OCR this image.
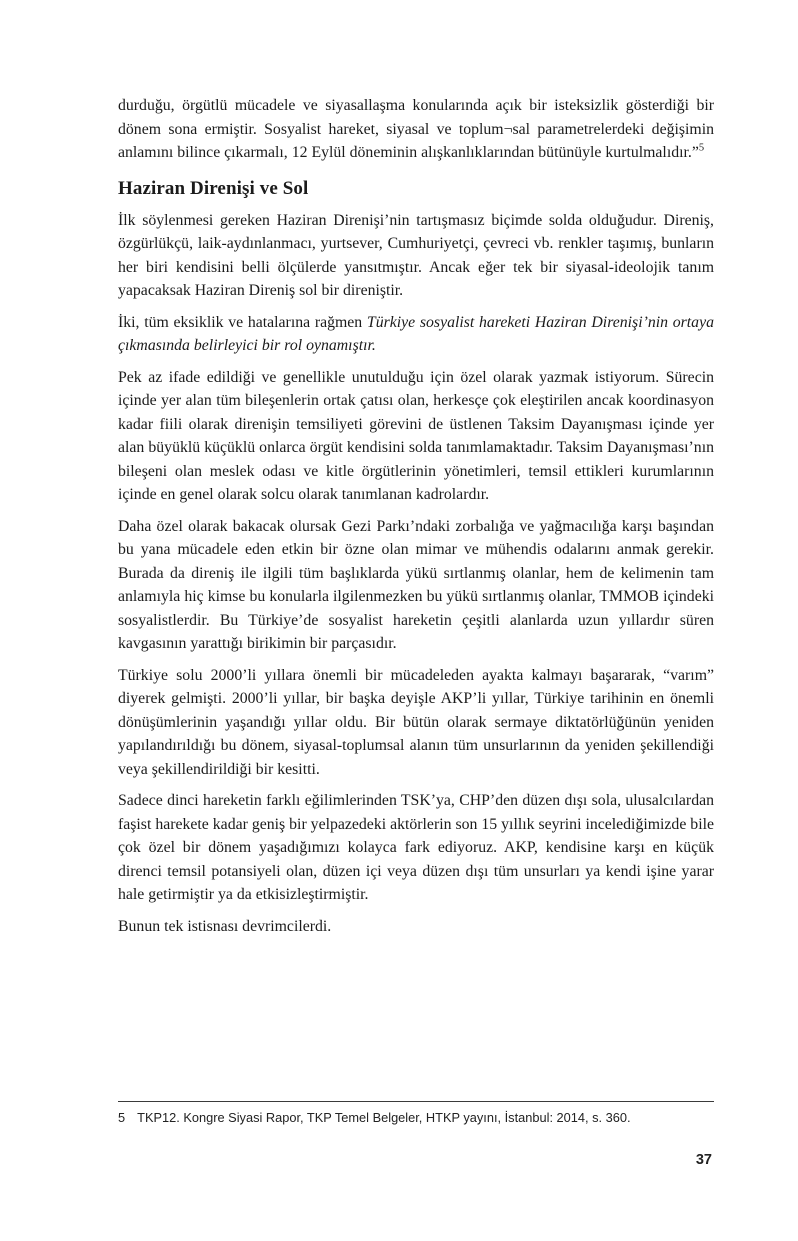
durduğu, örgütlü mücadele ve siyasallaşma konularında açık bir isteksizlik gösterdiği bir dönem sona ermiştir. Sosyalist hareket, siyasal ve toplum¬sal parametrelerdeki değişimin anlamını bilince çıkarmalı, 12 Eylül döneminin alışkanlıklarından bütünüyle kurtulmalıdır.”$^5$

Haziran Direnişi ve Sol

İlk söylenmesi gereken Haziran Direnişi’nin tartışmasız biçimde solda olduğudur. Direniş, özgürlükçü, laik-aydınlanmacı, yurtsever, Cumhuriyetçi, çevreci vb. renkler taşımış, bunların her biri kendisini belli ölçülerde yansıtmıştır. Ancak eğer tek bir siyasal-ideolojik tanım yapacaksak Haziran Direniş sol bir direniştir.

İki, tüm eksiklik ve hatalarına rağmen Türkiye sosyalist hareketi Haziran Direnişi’nin ortaya çıkmasında belirleyici bir rol oynamıştır.

Pek az ifade edildiği ve genellikle unutulduğu için özel olarak yazmak istiyorum. Sürecin içinde yer alan tüm bileşenlerin ortak çatısı olan, herkesçe çok eleştirilen ancak koordinasyon kadar fiili olarak direnişin temsiliyeti görevini de üstlenen Taksim Dayanışması içinde yer alan büyüklü küçüklü onlarca örgüt kendisini solda tanımlamaktadır. Taksim Dayanışması’nın bileşeni olan meslek odası ve kitle örgütlerinin yönetimleri, temsil ettikleri kurumlarının içinde en genel olarak solcu olarak tanımlanan kadrolardır.

Daha özel olarak bakacak olursak Gezi Parkı’ndaki zorbalığa ve yağmacılığa karşı başından bu yana mücadele eden etkin bir özne olan mimar ve mühendis odalarını anmak gerekir. Burada da direniş ile ilgili tüm başlıklarda yükü sırtlanmış olanlar, hem de kelimenin tam anlamıyla hiç kimse bu konularla ilgilenmezken bu yükü sırtlanmış olanlar, TMMOB içindeki sosyalistlerdir. Bu Türkiye’de sosyalist hareketin çeşitli alanlarda uzun yıllardır süren kavgasının yarattığı birikimin bir parçasıdır.

Türkiye solu 2000’li yıllara önemli bir mücadeleden ayakta kalmayı başararak, “varım” diyerek gelmişti. 2000’li yıllar, bir başka deyişle AKP’li yıllar, Türkiye tarihinin en önemli dönüşümlerinin yaşandığı yıllar oldu. Bir bütün olarak sermaye diktatörlüğünün yeniden yapılandırıldığı bu dönem, siyasal-toplumsal alanın tüm unsurlarının da yeniden şekillendiği veya şekillendirildiği bir kesitti.

Sadece dinci hareketin farklı eğilimlerinden TSK’ya, CHP’den düzen dışı sola, ulusalcılardan faşist harekete kadar geniş bir yelpazedeki aktörlerin son 15 yıllık seyrini incelediğimizde bile çok özel bir dönem yaşadığımızı kolayca fark ediyoruz. AKP, kendisine karşı en küçük direnci temsil potansiyeli olan, düzen içi veya düzen dışı tüm unsurları ya kendi işine yarar hale getirmiştir ya da etkisizleştirmiştir.

Bunun tek istisnası devrimcilerdi.

5 TKP12. Kongre Siyasi Rapor, TKP Temel Belgeler, HTKP yayını, İstanbul: 2014, s. 360.
37
